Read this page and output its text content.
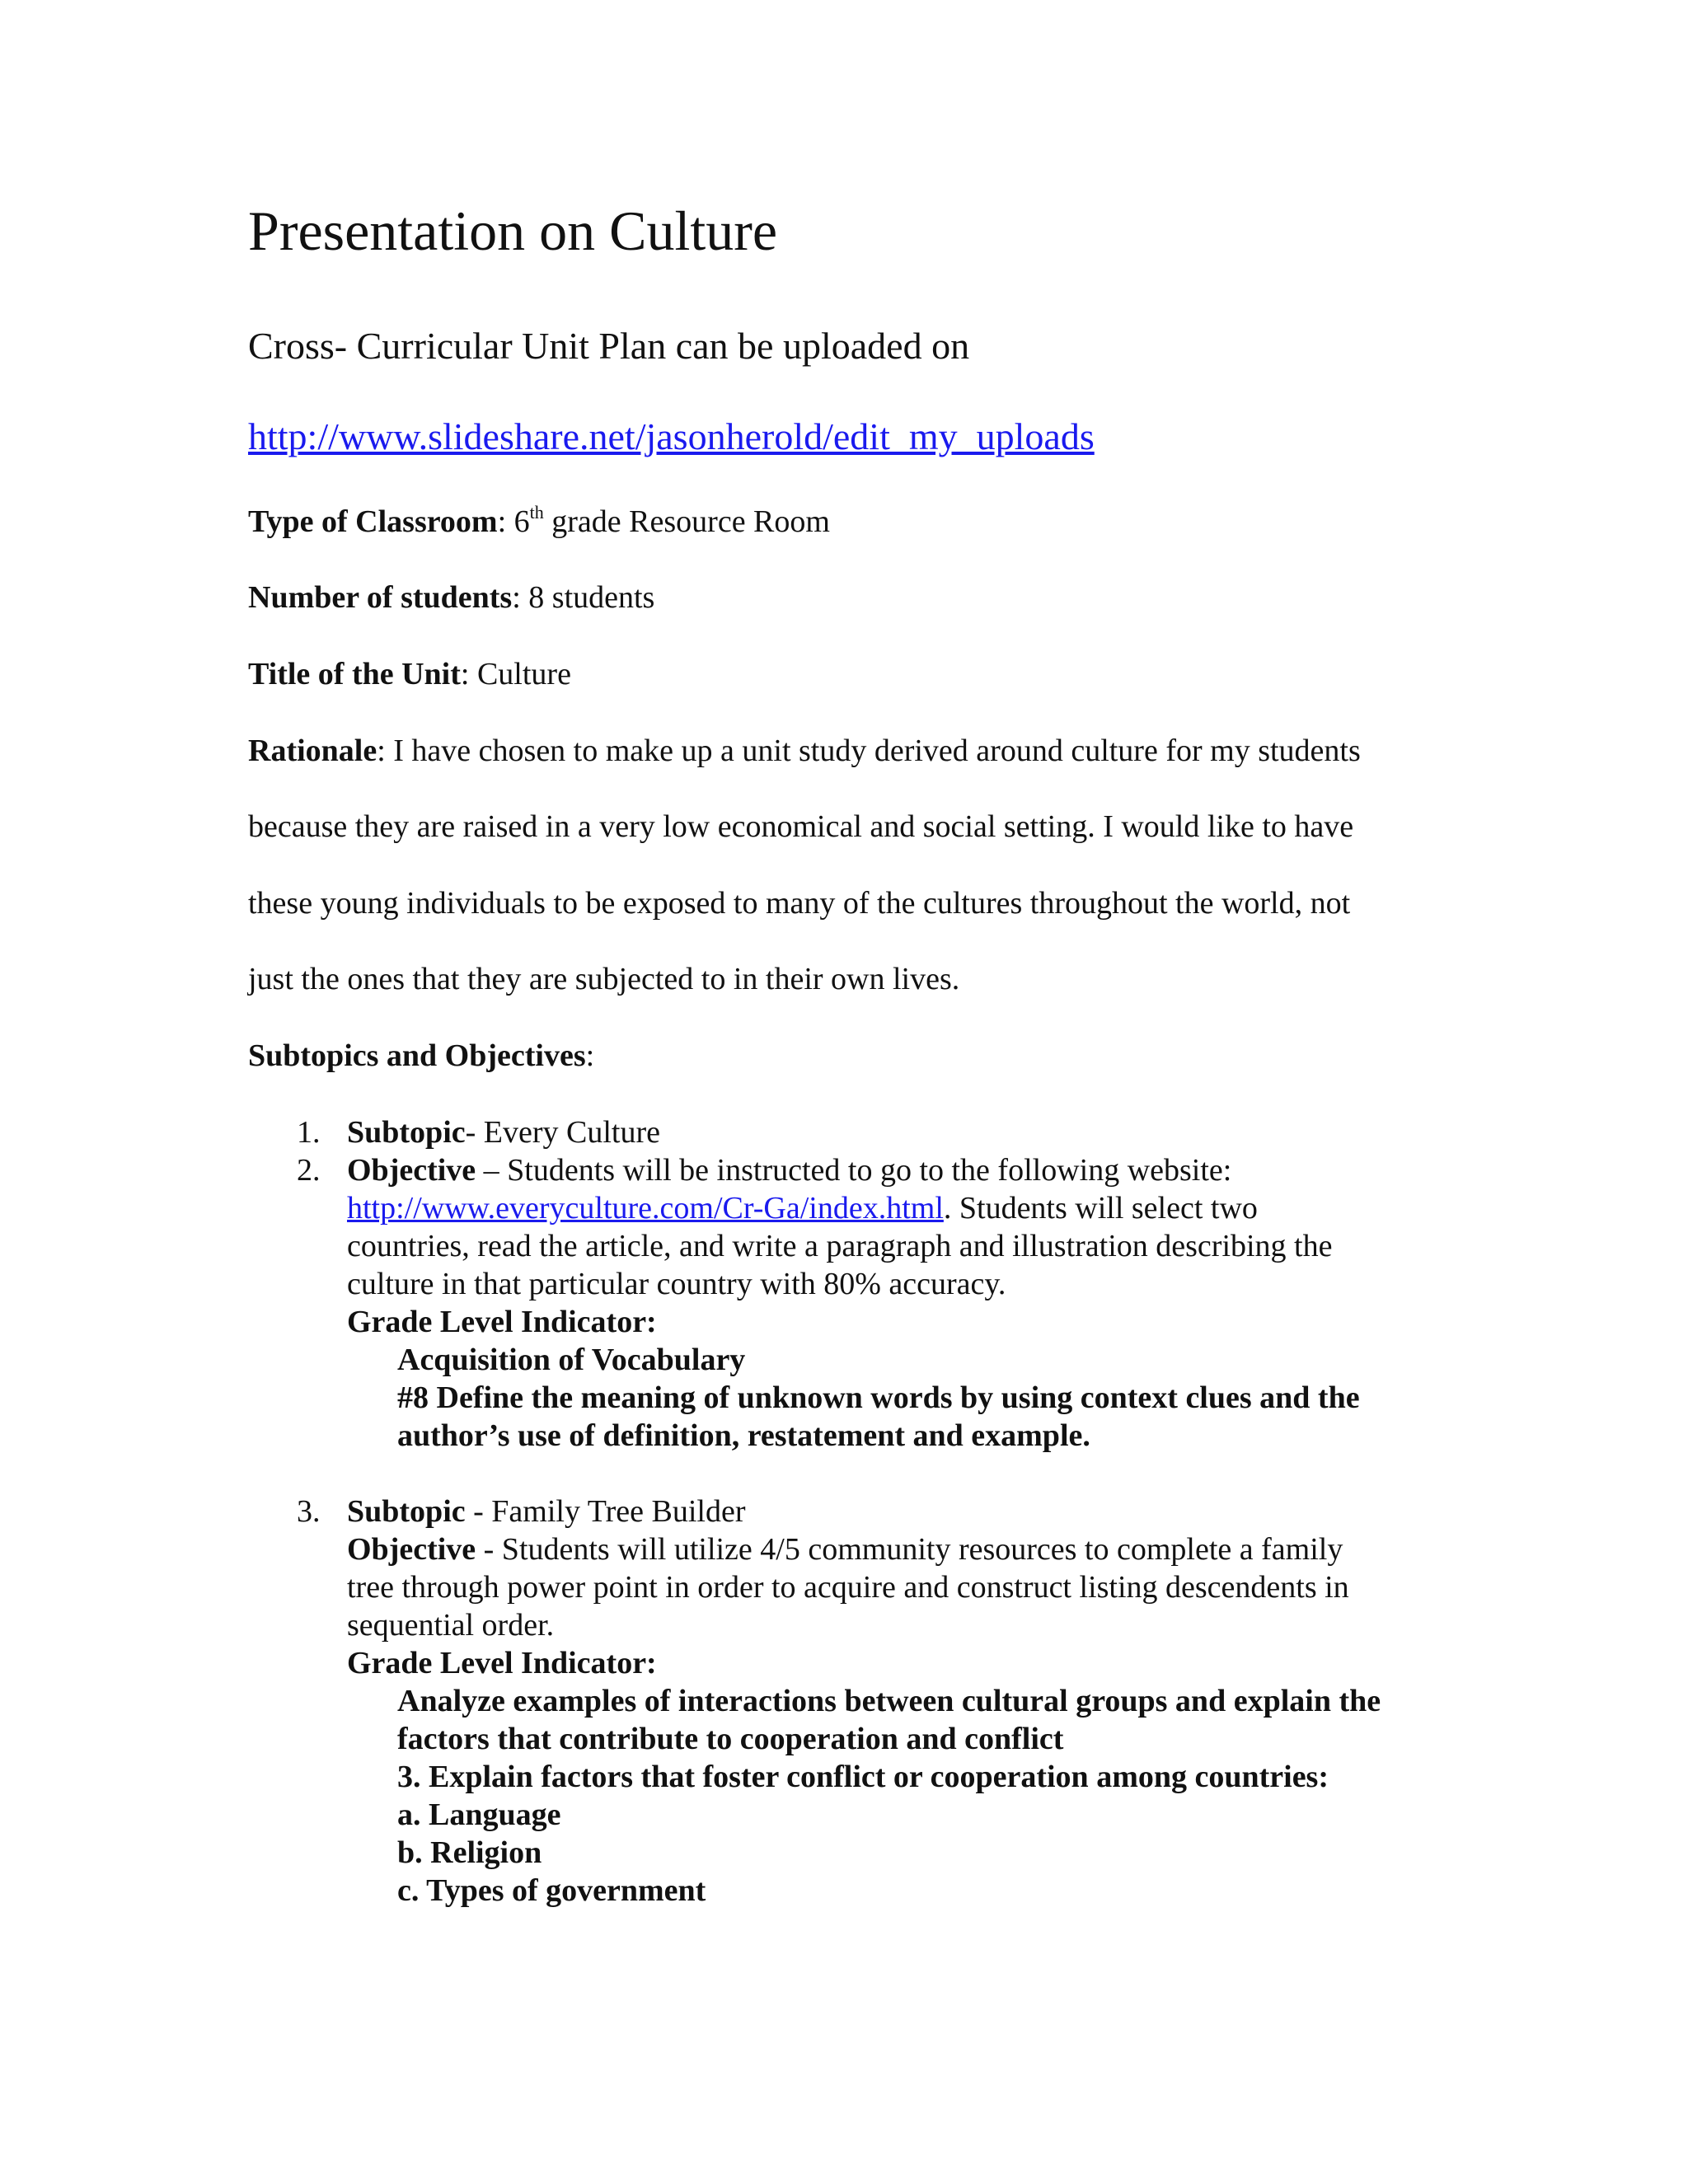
Presentation on Culture
Cross- Curricular Unit Plan can be uploaded on
http://www.slideshare.net/jasonherold/edit_my_uploads
Type of Classroom: 6th grade Resource Room
Number of students: 8 students
Title of the Unit: Culture
Rationale: I have chosen to make up a unit study derived around culture for my students
because they are raised in a very low economical and social setting. I would like to have
these young individuals to be exposed to many of the cultures throughout the world, not
just the ones that they are subjected to in their own lives.
Subtopics and Objectives:
1. Subtopic- Every Culture
2. Objective – Students will be instructed to go to the following website:
http://www.everyculture.com/Cr-Ga/index.html. Students will select two
countries, read the article, and write a paragraph and illustration describing the
culture in that particular country with 80% accuracy.
Grade Level Indicator:
Acquisition of Vocabulary
#8 Define the meaning of unknown words by using context clues and the
author’s use of definition, restatement and example.
3. Subtopic - Family Tree Builder
Objective - Students will utilize 4/5 community resources to complete a family
tree through power point in order to acquire and construct listing descendents in
sequential order.
Grade Level Indicator:
Analyze examples of interactions between cultural groups and explain the
factors that contribute to cooperation and conflict
3. Explain factors that foster conflict or cooperation among countries:
a. Language
b. Religion
c. Types of government
